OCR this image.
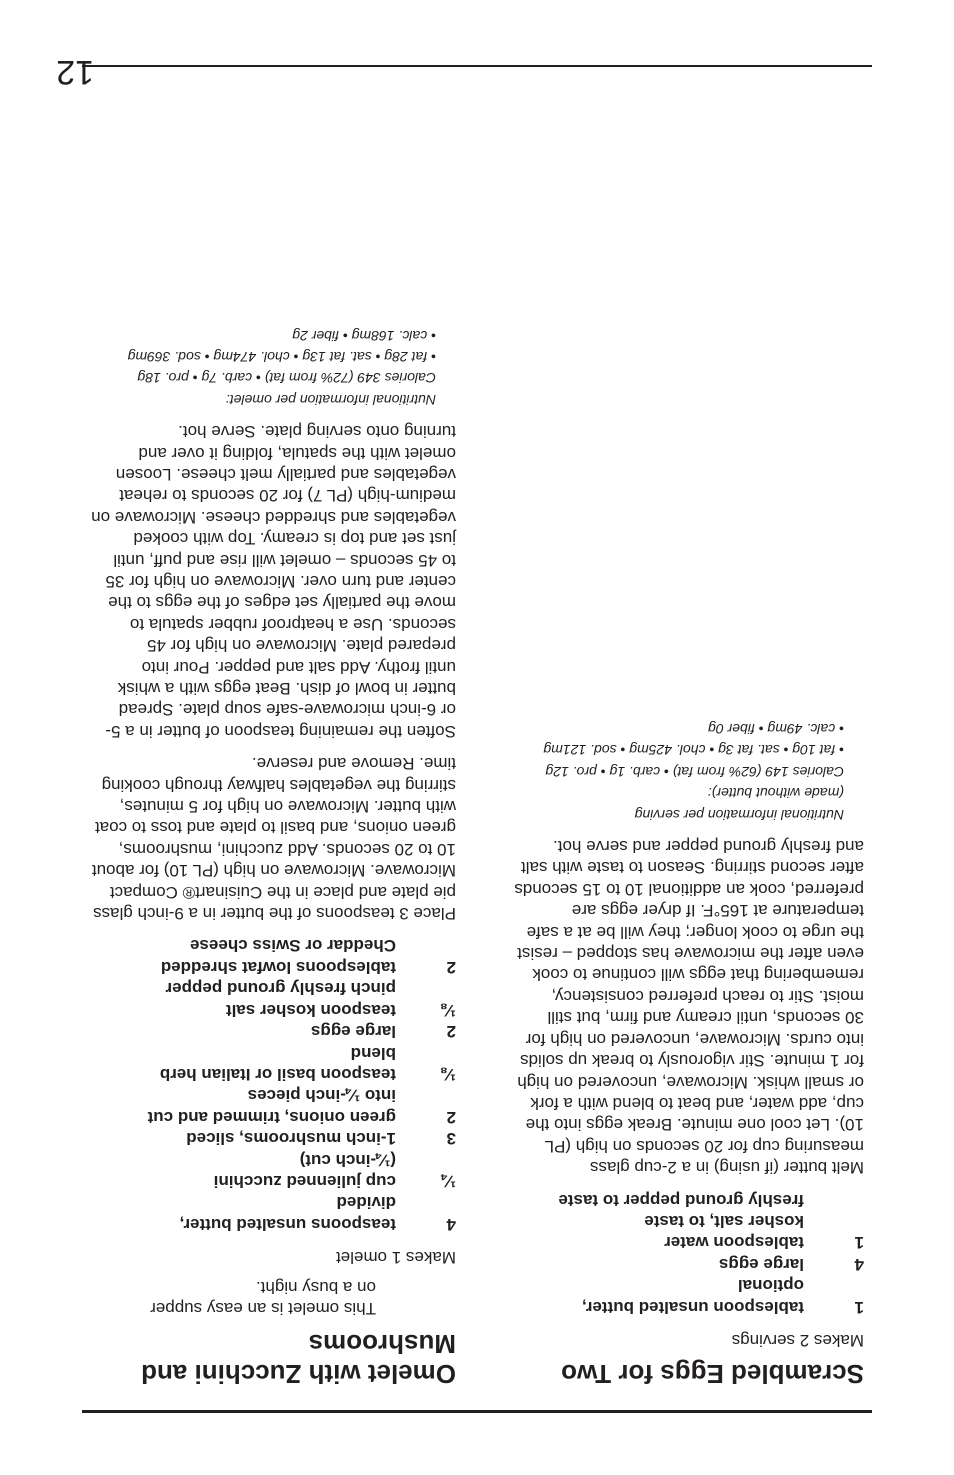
Scrambled Eggs for Two
Makes 2 servings
1
tablespoon unsalted butter,
optional
4
large eggs
1
tablespoon water
kosher salt, to taste
freshly ground pepper to taste

Melt butter (if using) in a 2-cup glass measuring cup for 20 seconds on high (PL 10). Let cool one minute. Break eggs into the cup, add water, and beat to blend with a fork or small whisk. Microwave, uncovered on high for 1 minute. Stir vigorously to break up solids into curds. Microwave, uncovered on high for 30 seconds, until creamy and firm, but still moist. Stir to reach preferred consistency, remembering that eggs will continue to cook even after the microwave has stopped – resist the urge to cook longer; they will be at a safe temperature at 165°F. If dryer eggs are preferred, cook an additional 10 to 15 seconds after second stirring. Season to taste with salt and freshly ground pepper and serve hot.

Nutritional information per serving
(made without butter):
Calories 149 (62% from fat) • carb. 1g • pro. 12g
• fat 10g • sat. fat 3g • chol. 425mg • sod. 121mg
• calc. 49mg • fiber 0g
Omelet with Zucchini and
Mushrooms
This omelet is an easy supper
on a busy night.
Makes 1 omelet
4
teaspoons unsalted butter,
divided
¼
cup julienned zucchini
(¼-inch cut)
3
1-inch mushrooms, sliced
2
green onions, trimmed and cut
into ¼-inch pieces
⅛
teaspoon basil or Italian herb
blend
2
large eggs
⅛
teaspoon kosher salt
pinch freshly ground pepper
2
tablespoons lowfat shredded
Cheddar or Swiss cheese

Place 3 teaspoons of the butter in a 9-inch glass pie plate and place in the Cuisinart® Compact Microwave. Microwave on high (PL 10) for about 10 to 20 seconds. Add zucchini, mushrooms, green onions, and basil to plate and toss to coat with butter. Microwave on high for 5 minutes, stirring the vegetables halfway through cooking time. Remove and reserve.

Soften the remaining teaspoon of butter in a 5- or 6-inch microwave-safe soup plate. Spread butter in bowl of dish. Beat eggs with a whisk until frothy. Add salt and pepper. Pour into prepared plate. Microwave on high for 45 seconds. Use a heatproof rubber spatula to move the partially set edges of the eggs to the center and turn over. Microwave on high for 35 to 45 seconds – omelet will rise and puff, until just set and top is creamy. Top with cooked vegetables and shredded cheese. Microwave on medium-high (PL 7) for 20 seconds to reheat vegetables and partially melt cheese. Loosen omelet with the spatula, folding it over and turning onto serving plate. Serve hot.

Nutritional information per omelet:
Calories 349 (72% from fat) • carb. 7g • pro. 18g
• fat 28g • sat. fat 13g • chol. 474mg • sod. 369mg
• calc. 168mg • fiber 2g
12
